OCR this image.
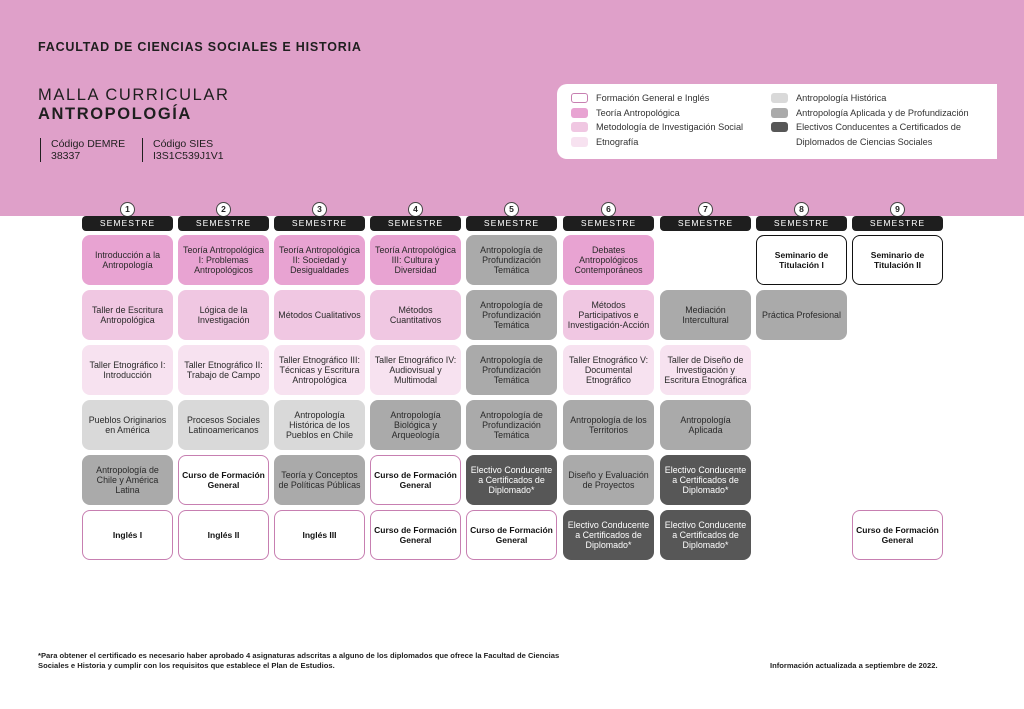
FACULTAD DE CIENCIAS SOCIALES E HISTORIA
MALLA CURRICULAR
ANTROPOLOGÍA
Código DEMRE
38337
Código SIES
I3S1C539J1V1
Formación General e Inglés
Teoría Antropológica
Metodología de Investigación Social
Etnografía
Antropología Histórica
Antropología Aplicada y de Profundización
Electivos Conducentes a Certificados de Diplomados de Ciencias Sociales
1
SEMESTRE
Introducción a la Antropología
Taller de Escritura Antropológica
Taller Etnográfico I: Introducción
Pueblos Originarios en América
Antropología de Chile y América Latina
Inglés I
2
SEMESTRE
Teoría Antropológica I: Problemas Antropológicos
Lógica de la Investigación
Taller Etnográfico II: Trabajo de Campo
Procesos Sociales Latinoamericanos
Curso de Formación General
Inglés II
3
SEMESTRE
Teoría Antropológica II: Sociedad y Desigualdades
Métodos Cualitativos
Taller Etnográfico III: Técnicas y Escritura Antropológica
Antropología Histórica de los Pueblos en Chile
Teoría y Conceptos de Políticas Públicas
Inglés III
4
SEMESTRE
Teoría Antropológica III: Cultura y Diversidad
Métodos Cuantitativos
Taller Etnográfico IV: Audiovisual y Multimodal
Antropología Biológica y Arqueología
Curso de Formación General
Curso de Formación General
5
SEMESTRE
Antropología de Profundización Temática
Antropología de Profundización Temática
Antropología de Profundización Temática
Antropología de Profundización Temática
Electivo Conducente a Certificados de Diplomado*
Curso de Formación General
6
SEMESTRE
Debates Antropológicos Contemporáneos
Métodos Participativos e Investigación-Acción
Taller Etnográfico V: Documental Etnográfico
Antropología de los Territorios
Diseño y Evaluación de Proyectos
Electivo Conducente a Certificados de Diplomado*
7
SEMESTRE
Mediación Intercultural
Taller de Diseño de Investigación y Escritura Etnográfica
Antropología Aplicada
Electivo Conducente a Certificados de Diplomado*
Electivo Conducente a Certificados de Diplomado*
8
SEMESTRE
Seminario de Titulación I
Práctica Profesional
9
SEMESTRE
Seminario de Titulación II
Curso de Formación General
*Para obtener el certificado es necesario haber aprobado 4 asignaturas adscritas a alguno de los diplomados que ofrece la Facultad de Ciencias Sociales e Historia y cumplir con los requisitos que establece el Plan de Estudios.	Información actualizada a septiembre de 2022.
